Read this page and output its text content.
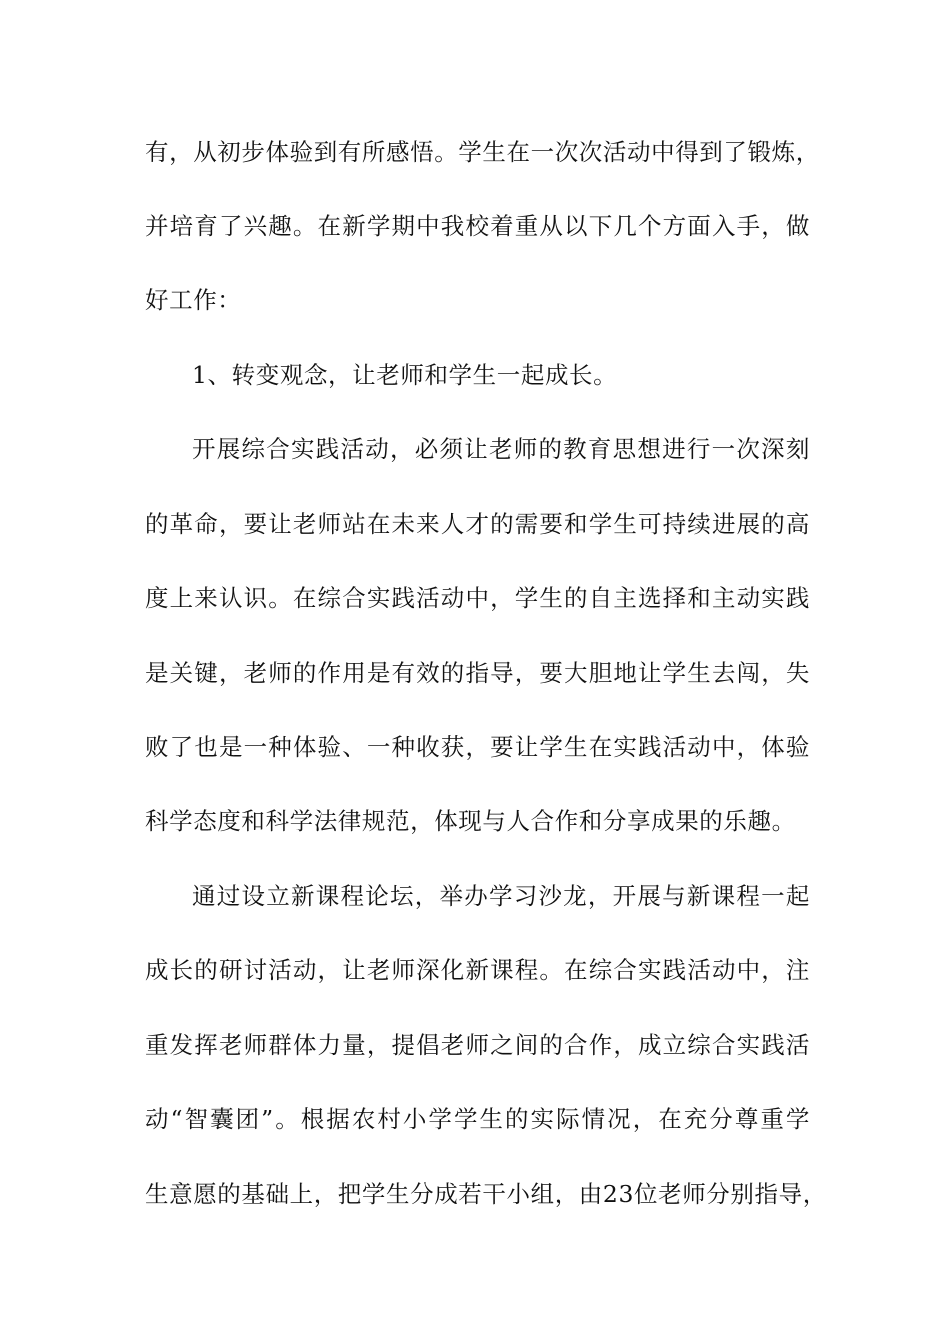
有，从初步体验到有所感悟。学生在一次次活动中得到了锻炼，
并培育了兴趣。在新学期中我校着重从以下几个方面入手，做
好工作：
1、转变观念，让老师和学生一起成长。
开展综合实践活动，必须让老师的教育思想进行一次深刻
的革命，要让老师站在未来人才的需要和学生可持续进展的高
度上来认识。在综合实践活动中，学生的自主选择和主动实践
是关键，老师的作用是有效的指导，要大胆地让学生去闯，失
败了也是一种体验、一种收获，要让学生在实践活动中，体验
科学态度和科学法律规范，体现与人合作和分享成果的乐趣。
通过设立新课程论坛，举办学习沙龙，开展与新课程一起
成长的研讨活动，让老师深化新课程。在综合实践活动中，注
重发挥老师群体力量，提倡老师之间的合作，成立综合实践活
动“智囊团”。根据农村小学学生的实际情况，在充分尊重学
生意愿的基础上，把学生分成若干小组，由23位老师分别指导，
